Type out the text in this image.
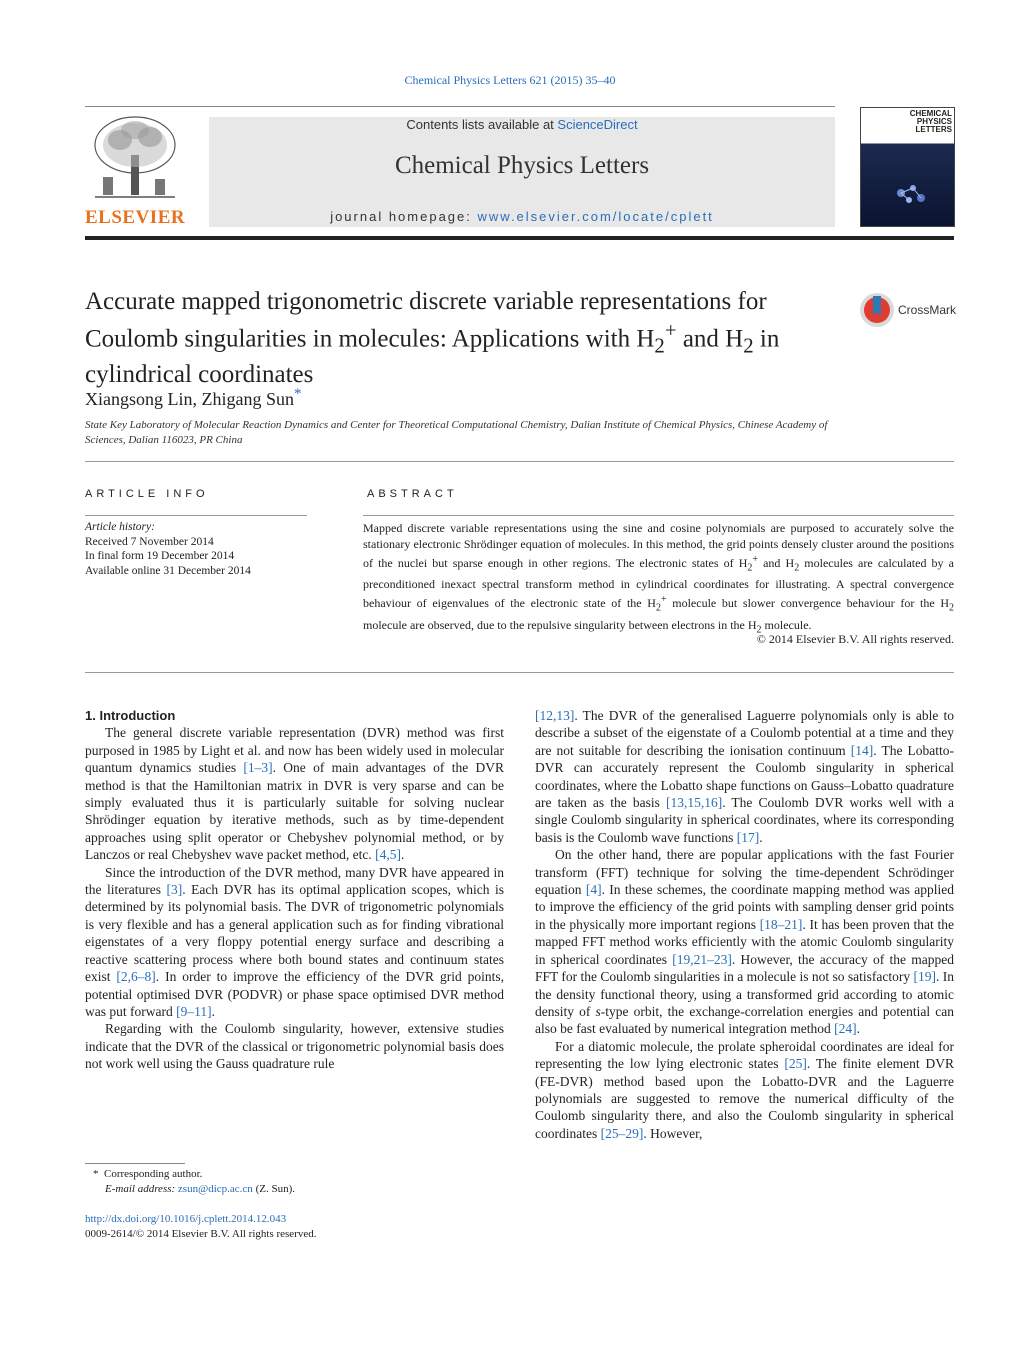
Chemical Physics Letters 621 (2015) 35–40
ELSEVIER
Contents lists available at ScienceDirect
Chemical Physics Letters
journal homepage: www.elsevier.com/locate/cplett
CHEMICAL PHYSICS LETTERS
Accurate mapped trigonometric discrete variable representations for Coulomb singularities in molecules: Applications with $H_2^+$ and $H_2$ in cylindrical coordinates
CrossMark
Xiangsong Lin, Zhigang Sun*
State Key Laboratory of Molecular Reaction Dynamics and Center for Theoretical Computational Chemistry, Dalian Institute of Chemical Physics, Chinese Academy of Sciences, Dalian 116023, PR China
ARTICLE INFO	ABSTRACT
Article history:
Received 7 November 2014
In final form 19 December 2014
Available online 31 December 2014
Mapped discrete variable representations using the sine and cosine polynomials are purposed to accurately solve the stationary electronic Shrödinger equation of molecules. In this method, the grid points densely cluster around the positions of the nuclei but sparse enough in other regions. The electronic states of $H_2^+$ and $H_2$ molecules are calculated by a preconditioned inexact spectral transform method in cylindrical coordinates for illustrating. A spectral convergence behaviour of eigenvalues of the electronic state of the $H_2^+$ molecule but slower convergence behaviour for the $H_2$ molecule are observed, due to the repulsive singularity between electrons in the $H_2$ molecule.
© 2014 Elsevier B.V. All rights reserved.

1. Introduction

The general discrete variable representation (DVR) method was first purposed in 1985 by Light et al. and now has been widely used in molecular quantum dynamics studies [1–3]. One of main advantages of the DVR method is that the Hamiltonian matrix in DVR is very sparse and can be simply evaluated thus it is particularly suitable for solving nuclear Shrödinger equation by iterative methods, such as by time-dependent approaches using split operator or Chebyshev polynomial method, or by Lanczos or real Chebyshev wave packet method, etc. [4,5].

Since the introduction of the DVR method, many DVR have appeared in the literatures [3]. Each DVR has its optimal application scopes, which is determined by its polynomial basis. The DVR of trigonometric polynomials is very flexible and has a general application such as for finding vibrational eigenstates of a very floppy potential energy surface and describing a reactive scattering process where both bound states and continuum states exist [2,6–8]. In order to improve the efficiency of the DVR grid points, potential optimised DVR (PODVR) or phase space optimised DVR method was put forward [9–11].

Regarding with the Coulomb singularity, however, extensive studies indicate that the DVR of the classical or trigonometric polynomial basis does not work well using the Gauss quadrature rule

[12,13]. The DVR of the generalised Laguerre polynomials only is able to describe a subset of the eigenstate of a Coulomb potential at a time and they are not suitable for describing the ionisation continuum [14]. The Lobatto-DVR can accurately represent the Coulomb singularity in spherical coordinates, where the Lobatto shape functions on Gauss–Lobatto quadrature are taken as the basis [13,15,16]. The Coulomb DVR works well with a single Coulomb singularity in spherical coordinates, where its corresponding basis is the Coulomb wave functions [17].

On the other hand, there are popular applications with the fast Fourier transform (FFT) technique for solving the time-dependent Schrödinger equation [4]. In these schemes, the coordinate mapping method was applied to improve the efficiency of the grid points with sampling denser grid points in the physically more important regions [18–21]. It has been proven that the mapped FFT method works efficiently with the atomic Coulomb singularity in spherical coordinates [19,21–23]. However, the accuracy of the mapped FFT for the Coulomb singularities in a molecule is not so satisfactory [19]. In the density functional theory, using a transformed grid according to atomic density of s-type orbit, the exchange-correlation energies and potential can also be fast evaluated by numerical integration method [24].

For a diatomic molecule, the prolate spheroidal coordinates are ideal for representing the low lying electronic states [25]. The finite element DVR (FE-DVR) method based upon the Lobatto-DVR and the Laguerre polynomials are suggested to remove the numerical difficulty of the Coulomb singularity there, and also the Coulomb singularity in spherical coordinates [25–29]. However,

* Corresponding author.
E-mail address: zsun@dicp.ac.cn (Z. Sun).
http://dx.doi.org/10.1016/j.cplett.2014.12.043
0009-2614/© 2014 Elsevier B.V. All rights reserved.
